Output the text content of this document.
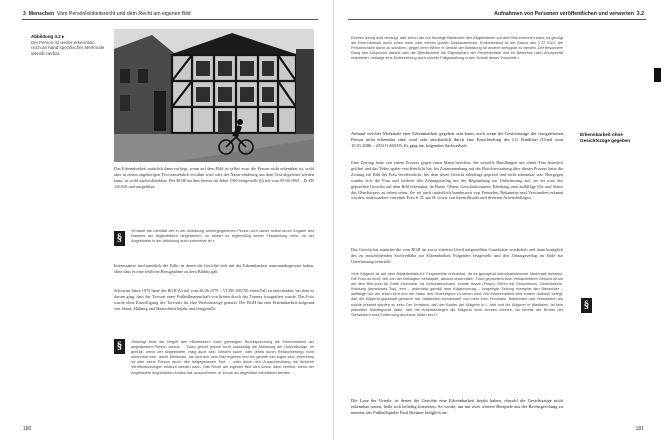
3 Menschen Vom Persönlichkeitsrecht und dem Recht am eigenen Bild
Abbildung 3.2 ▸
Die Person ist weder erkennbar noch an hand spezifischer Merkmale identifi-zierbar.

Das Erkennbarkeit natürlich dann vorliegt, wenn auf dem Bild ist selbst zwar die Person nicht erkennbar ist, wohl aber in einem zugehörigen Text namentlich erwähnt wird oder der Name eindeutig aus dem Text abgeleitet werden kann, ist wohl nachvollziehbar. Der BGH hat dies bereits im Jahre 1965 festgestellt (Urteil vom 09.06.1965 – Ib ZR 126/63) und ausgeführt:

§

»Erlaubt die Identität der in der Abbildung wiedergegebenen Person sich daher selbst durch Angabe des Namens der Abgebildeten hingewiesen, so bedarf es regelmäßig keiner Feststellung mehr, ob der Abgebildete in der Abbildung auch erkennbar ist.«

Interessanter sind natürlich die Fälle, in denen die Gerichte sich mit der Erkennbarkeit auseinandergesetzt haben, ohne dass es eine textliche Bezugnahme zu dem Bildnis gab.

Schon im Jahre 1979 hatte der BGH (Urteil vom 26.06.1979 – VI ZR 108/78) einen Fall zu entscheiden, bei dem es darum ging, dass der Torwart einer Fußballmannschaft von hinten durch das Tornetz fotografiert wurde. Das Foto wurde ohne Einwilligung des Torwarts für eine Werbeanzeige genutzt. Der BGH hat eine Erkennbarkeit aufgrund von Statur, Haltung und Haarschnitt bejaht und festgestellt:

§	»Bedingt setzt der Begriff des »Bildnisses« nach gefestigter Rechtsprechung die Erkennbarkeit der abgebildeten Person voraus … Dazu gehört jedoch nicht notwendig die Abbildung der Gesichtszüge, es genügt, wenn der Abgebildete, mag auch sein Gesicht kaum oder (etwa durch Retuschierung) nicht erkennbar sein, durch Merkmale, die sich aus dem Bild ergeben und die gerade ihm eigen sind, erkennbar ist oder seine Person durch den beigegebenen Text … oder durch den Zusammenhang mit früheren Veröffentlichungen erkannt werden kann. Das Recht am eigenen Bild wird schon dann verletzt, wenn der Abgebildete begründeten Anlass hat, anzunehmen, er könne als abgebildet identifiziert werden …

180
Aufnahmen von Personen veröffentlichen und verwerten 3.2

Ebenso wenig wird verlangt, daß schon der nur flüchtige Betrachter den Abgebildeten auf dem Bild erkennen kann; es genügt die Erkennbarkeit durch einen mehr oder minder großen Bekanntenkreis. Entscheidend ist der Zweck des § 22 KUG, die Persönlichkeit davor zu schützen, gegen ihren Willen in Gestalt der Abbildung für andere verfügbar zu werden. Der besondere Rang des Anspruchs darauf, daß die Öffentlichkeit die Eigensphäre der Persönlichkeit und ihr Bedürfnis nach Anonymität respektiert, verlangt eine Einbeziehung auch solcher Fallgestaltung in den Schutz dieser Vorschrift.«

Erkennbarkeit ohne Gesichtszüge gegeben

Anhand welcher Merkmale eine Erkennbarkeit gegeben sein kann, auch wenn die Gesichtszüge der fotografierten Person nicht erkennbar sind, wird sehr anschaulich durch eine Entscheidung des LG Frankfurt (Urteil vom 10.01.2006 – 2/03 O 465/05. Es ging um folgenden Sachverhalt:

Eine Zeitung hatte von einem Prozess gegen einen Mann berichtet, der sexuelle Handlungen mit seiner Frau heimlich gefilmt und das Video später veröffentlicht hat. Im Zusammenhang mit der Berichterstattung über diesen Prozess hatte die Zeitung ein Bild der Frau veröffentlicht, bei dem deren Gesicht allerdings gepixelt und nicht erkennbar war. Hiergegen wandte sich die Frau und forderte den Zeitungsverlag mit der Begründung zur Unterlassung auf, sie sei trotz des gepixelten Gesichts auf dem Bild erkennbar, da Haare, Ohren, Gesichtskonturen, Kleidung, eine auffällige Uhr und Statur des Oberkörpers zu sehen seien. Sie sei auch tatsächlich bundesweit von Freunden, Bekannten und Verwandten erkannt worden, insbesondere von einer Frau S. D. aus H. sowie von ihrem Bruder und diversen Arbeitskollegen.

Das Gericht hat zunächst die vom BGH im zuvor zitierten Urteil aufgestellten Grundsätze wiederholt und dann bezüglich des zu entscheidenden Sachverhalts zur Erkennbarkeit Folgendes festgestellt und den Zeitungsverlag im Ende zur Unterlassung verurteilt:

»Die Klägerin ist auf dem Bildjedenfalls für Eingeweihte erkennbar, da es genügend individualisierende Merkmale aufweist. Die Frau ist nicht, wie von der Beklagten behauptet, absolut unkenntlich. Trotz gepixeltem bzw. verkachelterm Gesicht ist sie auf dem Bild auch für Dritte erkennbar, da Gesichtskonturen, blonde Haare (Frisur), Ohren mit Ohrschmuck, Gesichtsform, Kleidung (ärmelloses Top), eine – jedenfalls gemäß dem Klägervortrag – vorgelegte Zeitung exemplar den Betrachter – auffällige Uhr am linken Arm und die Statur des Oberkörpers zu sehen sind. Die Erkennbarkeit wird zudem dadurch belegt, daß die Klägerin glaubhaft gemacht hat, tatsächlich bundesweit von mehr eren Freunden, Bekannten und Verwandten als solche erkannt worden zu sein. Der Umstand, daß der Bruder der Klägerin in L. lebt und die Klägerin in Westfalen, ist kein plausibler Anhaltspunkt dafür, daß die Arbeitskollegen die Klägerin nicht kennen können, da bereits der Bruder der Schwestern trotz Entfernung durchaus üblich sind.«

§

Die Liste der Urteile, in denen die Gerichte eine Erkennbarkeit bejaht haben, obwohl die Gesichtszüge nicht erkennbar waren, ließe sich beliebig fortsetzen. So wurde, um nur zwei weitere Beispiele aus der Rechtsprechung zu nennen, der Fußballspieler Paul Breitner lediglich an-

181
